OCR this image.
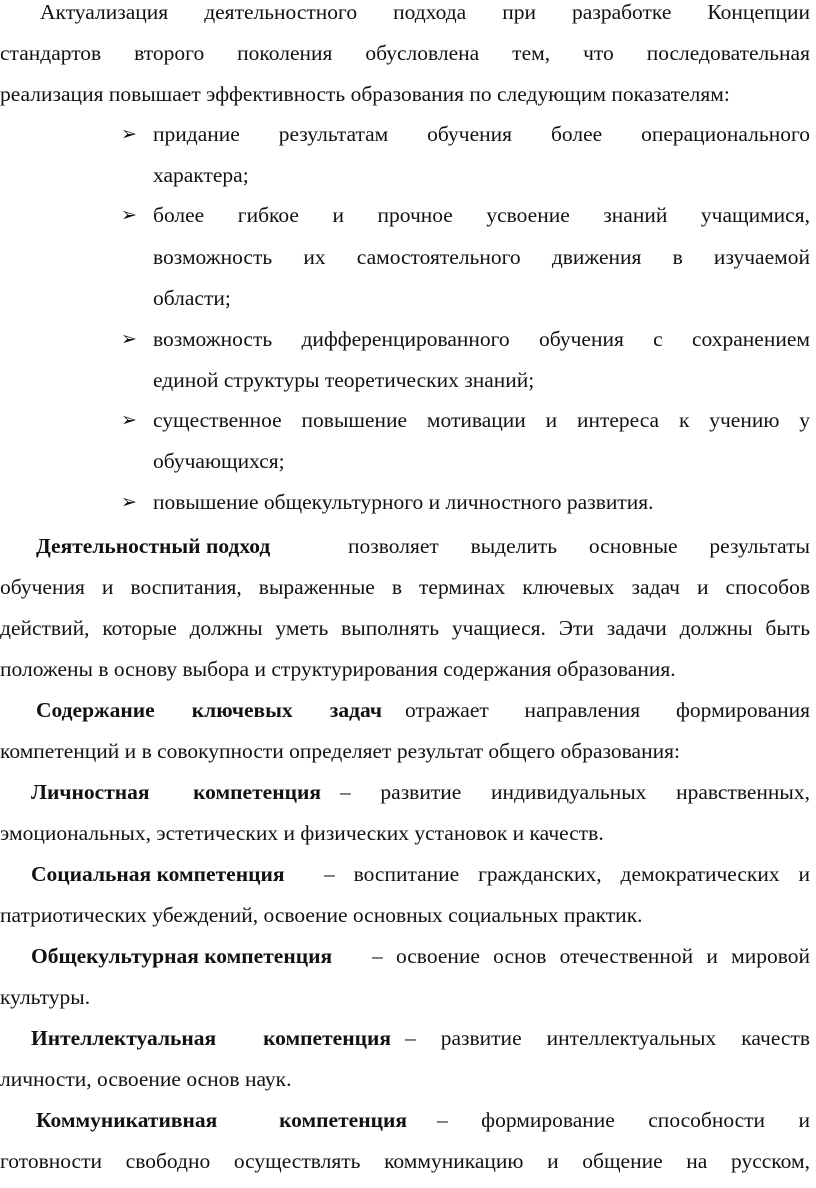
Актуализация деятельностного подхода при разработке Концепции
стандартов второго поколения обусловлена тем, что последовательная
реализация повышает эффективность образования по следующим показателям:
➢ придание результатам обучения более операционального
характера;
➢ более гибкое и прочное усвоение знаний учащимися,
возможность их самостоятельного движения в изучаемой
области;
➢ возможность дифференцированного обучения с сохранением
единой структуры теоретических знаний;
➢ существенное повышение мотивации и интереса к учению у
обучающихся;
➢ повышение общекультурного и личностного развития.
Деятельностный подход	позволяет выделить основные результаты
обучения и воспитания, выраженные в терминах ключевых задач и способов
действий, которые должны уметь выполнять учащиеся. Эти задачи должны быть
положены в основу выбора и структурирования содержания образования.
Содержание ключевых задач отражает направления формирования
компетенций и в совокупности определяет результат общего образования:
Личностная компетенция – развитие индивидуальных нравственных,
эмоциональных, эстетических и физических установок и качеств.
Социальная компетенция – воспитание гражданских, демократических и
патриотических убеждений, освоение основных социальных практик.
Общекультурная компетенция – освоение основ отечественной и мировой
культуры.
Интеллектуальная компетенция – развитие интеллектуальных качеств
личности, освоение основ наук.
Коммуникативная компетенция – формирование способности и
готовности свободно осуществлять коммуникацию и общение на русском,
